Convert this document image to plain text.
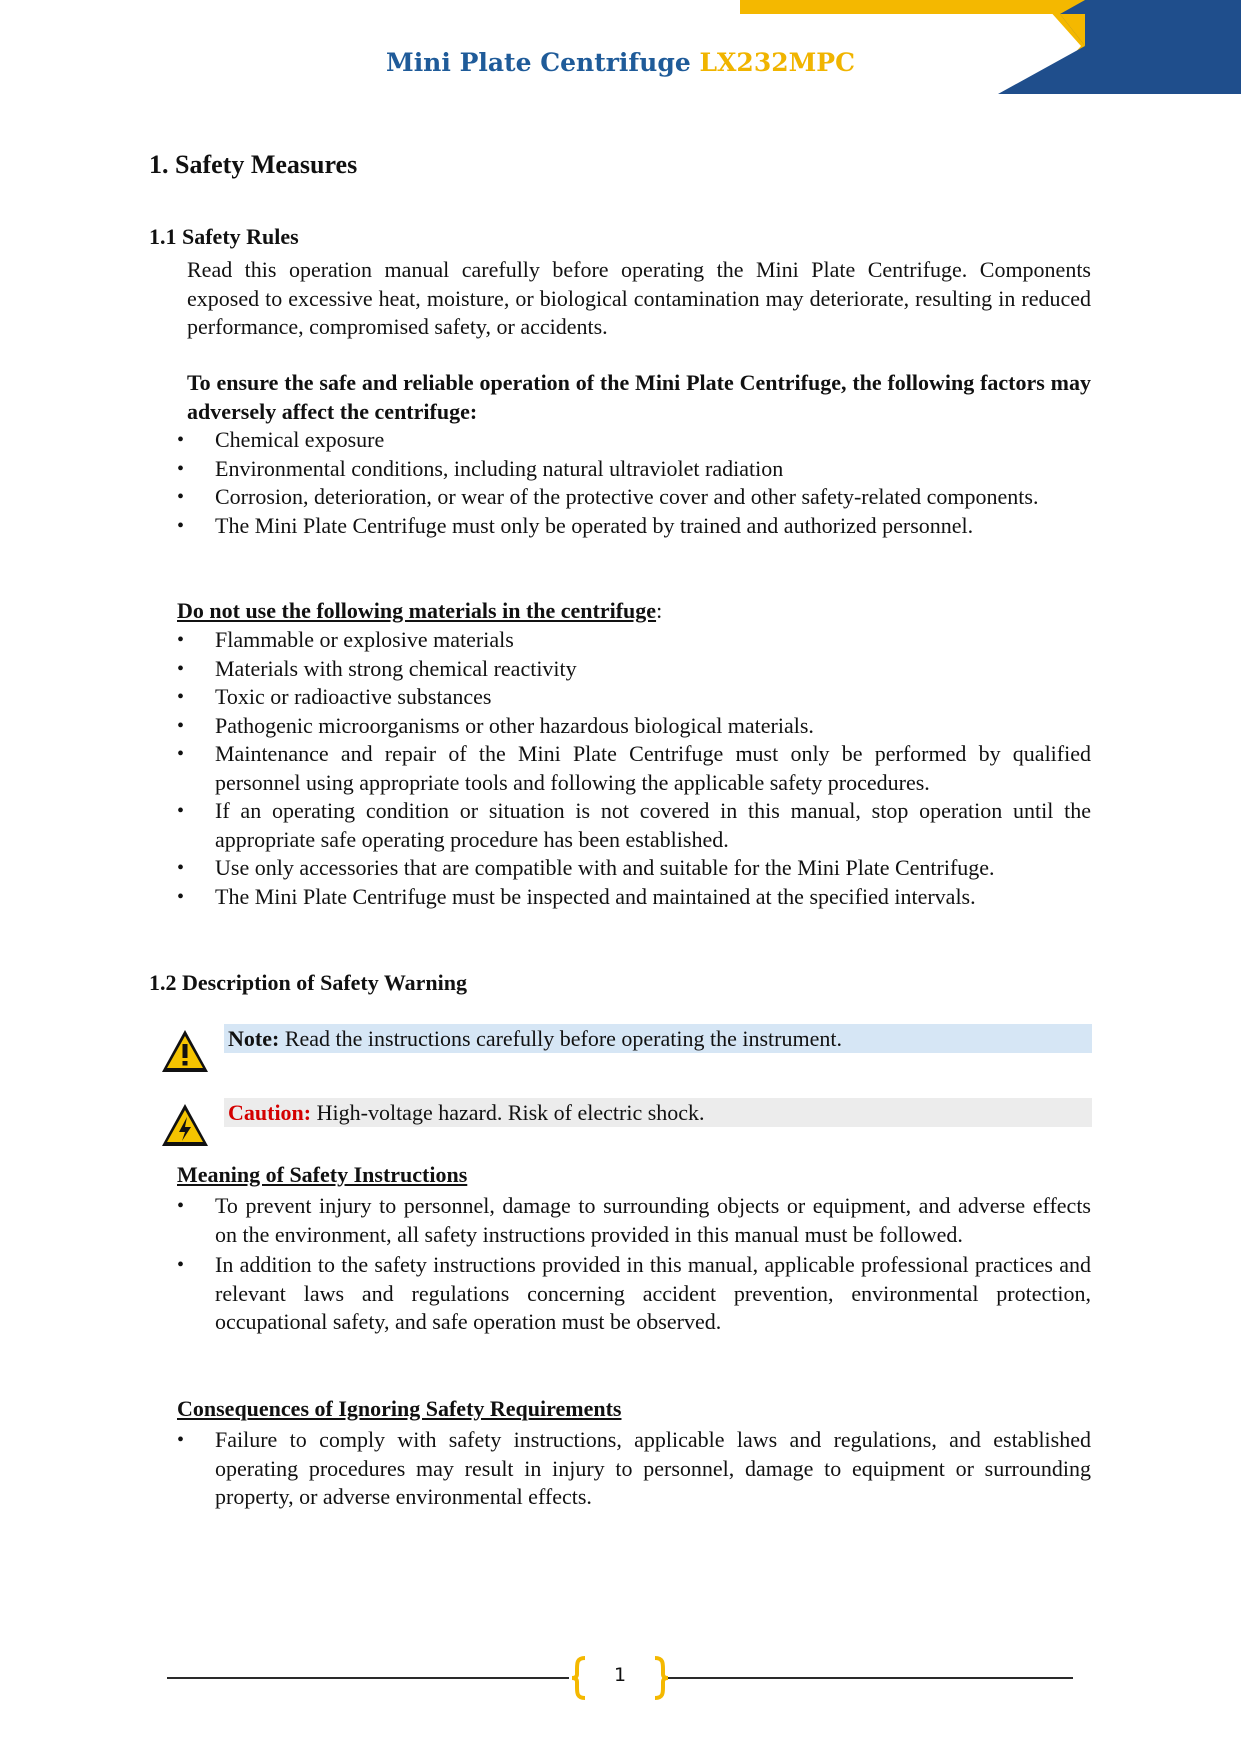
Mini Plate Centrifuge LX232MPC
1. Safety Measures
1.1 Safety Rules
Read this operation manual carefully before operating the Mini Plate Centrifuge. Components exposed to excessive heat, moisture, or biological contamination may deteriorate, resulting in reduced performance, compromised safety, or accidents.
To ensure the safe and reliable operation of the Mini Plate Centrifuge, the following factors may adversely affect the centrifuge:
• Chemical exposure
• Environmental conditions, including natural ultraviolet radiation
• Corrosion, deterioration, or wear of the protective cover and other safety-related components.
• The Mini Plate Centrifuge must only be operated by trained and authorized personnel.
Do not use the following materials in the centrifuge:
• Flammable or explosive materials
• Materials with strong chemical reactivity
• Toxic or radioactive substances
• Pathogenic microorganisms or other hazardous biological materials.
• Maintenance and repair of the Mini Plate Centrifuge must only be performed by qualified personnel using appropriate tools and following the applicable safety procedures.
• If an operating condition or situation is not covered in this manual, stop operation until the appropriate safe operating procedure has been established.
• Use only accessories that are compatible with and suitable for the Mini Plate Centrifuge.
• The Mini Plate Centrifuge must be inspected and maintained at the specified intervals.
1.2 Description of Safety Warning
Note: Read the instructions carefully before operating the instrument.
Caution: High-voltage hazard. Risk of electric shock.
Meaning of Safety Instructions
• To prevent injury to personnel, damage to surrounding objects or equipment, and adverse effects on the environment, all safety instructions provided in this manual must be followed.
• In addition to the safety instructions provided in this manual, applicable professional practices and relevant laws and regulations concerning accident prevention, environmental protection, occupational safety, and safe operation must be observed.
Consequences of Ignoring Safety Requirements
• Failure to comply with safety instructions, applicable laws and regulations, and established operating procedures may result in injury to personnel, damage to equipment or surrounding property, or adverse environmental effects.
1
